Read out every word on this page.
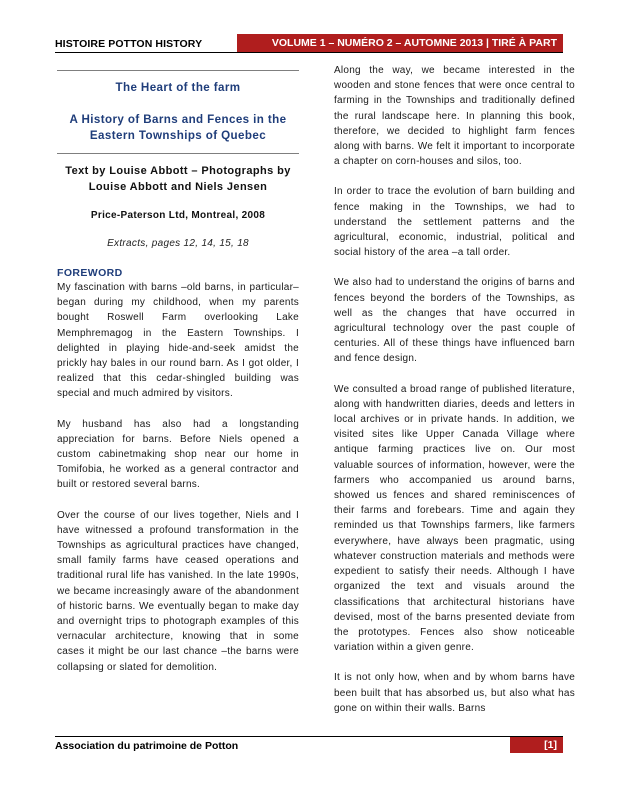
HISTOIRE POTTON HISTORY	VOLUME 1 – NUMÉRO 2 – AUTOMNE 2013 | TIRÉ À PART
The Heart of the farm
A History of Barns and Fences in the Eastern Townships of Quebec
Text by Louise Abbott – Photographs by Louise Abbott and Niels Jensen
Price-Paterson Ltd, Montreal, 2008
Extracts, pages 12, 14, 15, 18
FOREWORD

My fascination with barns –old barns, in particular– began during my childhood, when my parents bought Roswell Farm overlooking Lake Memphremagog in the Eastern Townships. I delighted in playing hide-and-seek amidst the prickly hay bales in our round barn. As I got older, I realized that this cedar-shingled building was special and much admired by visitors.

My husband has also had a longstanding appreciation for barns. Before Niels opened a custom cabinetmaking shop near our home in Tomifobia, he worked as a general contractor and built or restored several barns.

Over the course of our lives together, Niels and I have witnessed a profound transformation in the Townships as agricultural practices have changed, small family farms have ceased operations and traditional rural life has vanished. In the late 1990s, we became increasingly aware of the abandonment of historic barns. We eventually began to make day and overnight trips to photograph examples of this vernacular architecture, knowing that in some cases it might be our last chance –the barns were collapsing or slated for demolition.

Along the way, we became interested in the wooden and stone fences that were once central to farming in the Townships and traditionally defined the rural landscape here. In planning this book, therefore, we decided to highlight farm fences along with barns. We felt it important to incorporate a chapter on corn-houses and silos, too.

In order to trace the evolution of barn building and fence making in the Townships, we had to understand the settlement patterns and the agricultural, economic, industrial, political and social history of the area –a tall order.

We also had to understand the origins of barns and fences beyond the borders of the Townships, as well as the changes that have occurred in agricultural technology over the past couple of centuries. All of these things have influenced barn and fence design.

We consulted a broad range of published literature, along with handwritten diaries, deeds and letters in local archives or in private hands. In addition, we visited sites like Upper Canada Village where antique farming practices live on. Our most valuable sources of information, however, were the farmers who accompanied us around barns, showed us fences and shared reminiscences of their farms and forebears. Time and again they reminded us that Townships farmers, like farmers everywhere, have always been pragmatic, using whatever construction materials and methods were expedient to satisfy their needs. Although I have organized the text and visuals around the classifications that architectural historians have devised, most of the barns presented deviate from the prototypes. Fences also show noticeable variation within a given genre.

It is not only how, when and by whom barns have been built that has absorbed us, but also what has gone on within their walls. Barns

Association du patrimoine de Potton	[1]
